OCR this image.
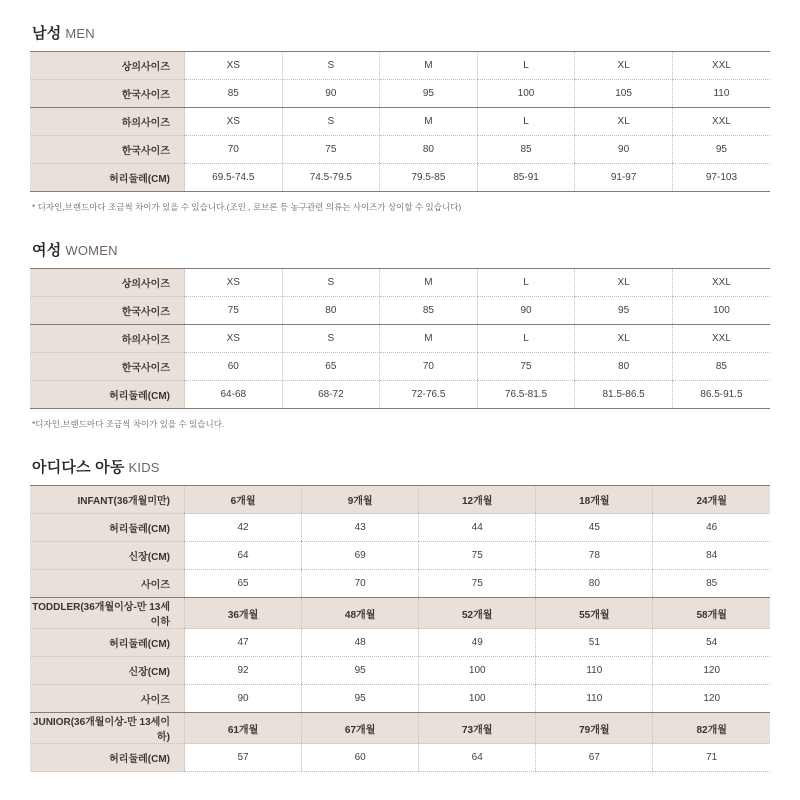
남성 MEN
상의사이즈	XS	S	M	L	XL	XXL
한국사이즈	85	90	95	100	105	110
하의사이즈	XS	S	M	L	XL	XXL
한국사이즈	70	75	80	85	90	95
허리둘레(CM)	69.5-74.5	74.5-79.5	79.5-85	85-91	91-97	97-103
* 디자인,브랜드마다 조금씩 차이가 있을 수 있습니다.(조인 , 로브론 등 농구관련 의류는 사이즈가 상이할 수 있습니다)
여성 WOMEN
상의사이즈	XS	S	M	L	XL	XXL
한국사이즈	75	80	85	90	95	100
하의사이즈	XS	S	M	L	XL	XXL
한국사이즈	60	65	70	75	80	85
허리둘레(CM)	64-68	68-72	72-76.5	76.5-81.5	81.5-86.5	86.5-91.5
*디자인,브랜드마다 조금씩 차이가 있을 수 있습니다.
아디다스 아동 KIDS
INFANT(36개월미만)	6개월	9개월	12개월	18개월	24개월
허리둘레(CM)	42	43	44	45	46
신장(CM)	64	69	75	78	84
사이즈	65	70	75	80	85
TODDLER(36개월이상-만 13세이하	36개월	48개월	52개월	55개월	58개월
허리둘레(CM)	47	48	49	51	54
신장(CM)	92	95	100	110	120
사이즈	90	95	100	110	120
JUNIOR(36개월이상-만 13세이하)	61개월	67개월	73개월	79개월	82개월
허리둘레(CM)	57	60	64	67	71
